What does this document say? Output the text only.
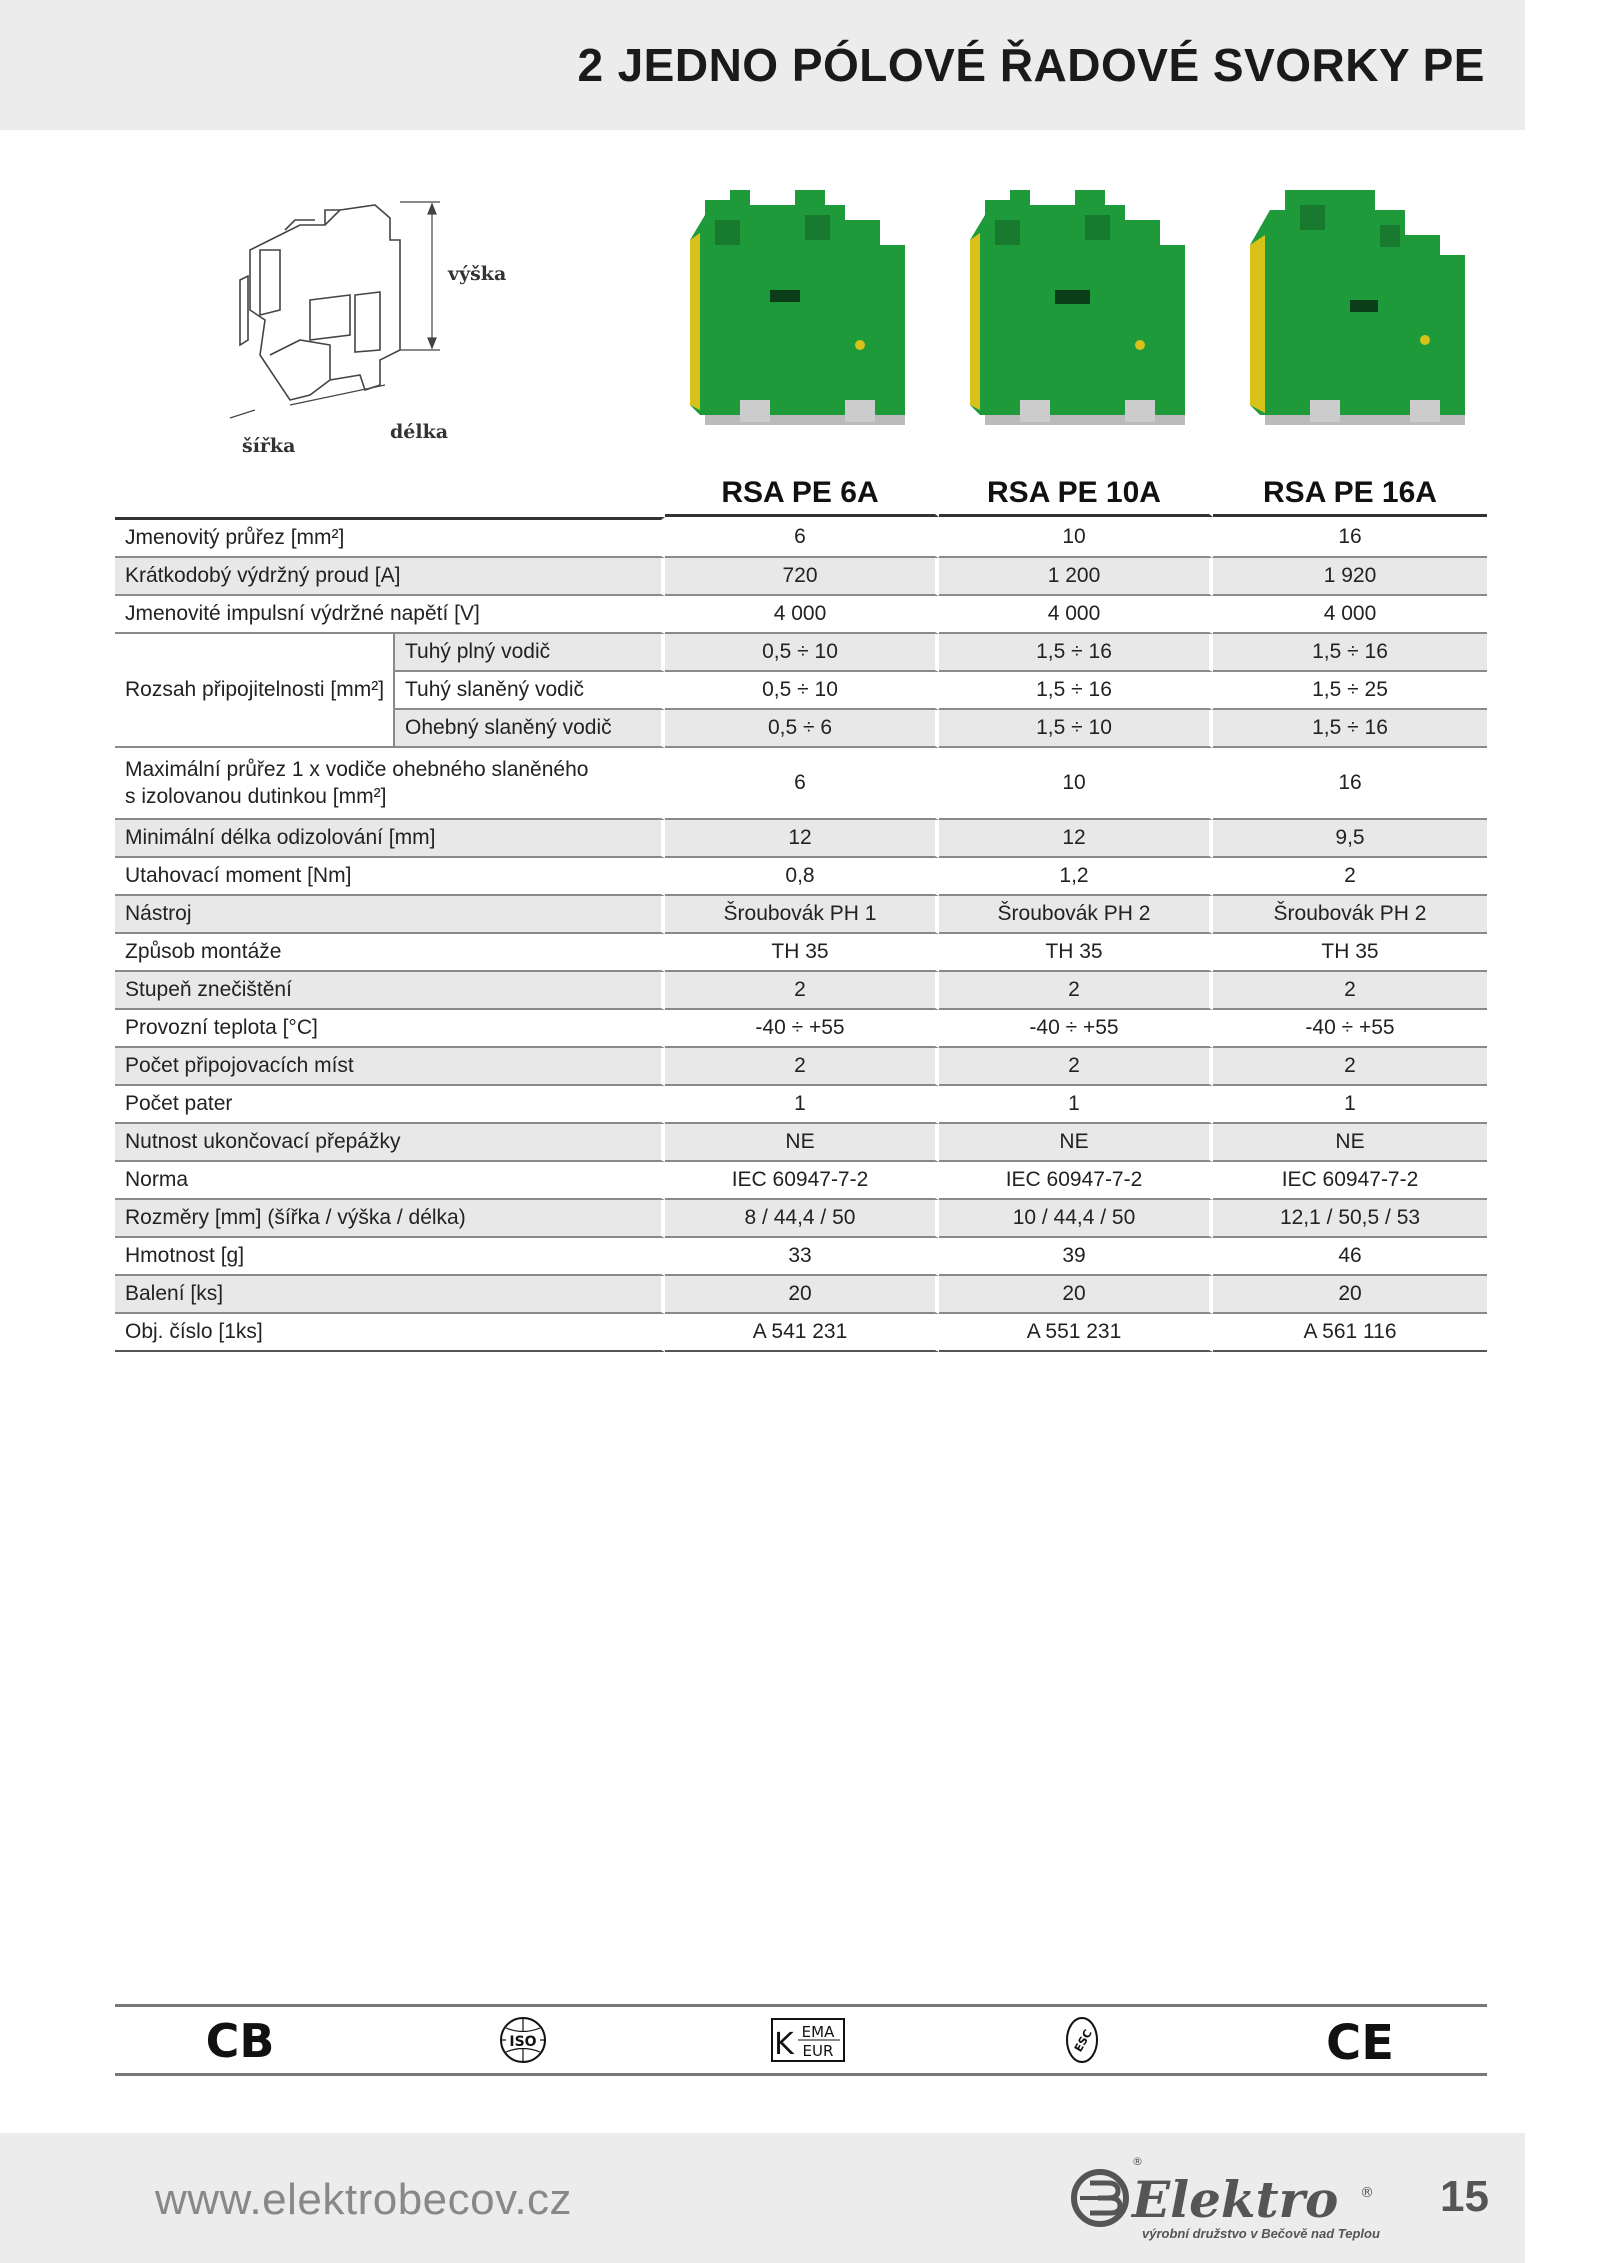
2 JEDNO PÓLOVÉ ŘADOVÉ SVORKY PE
výška
délka
šířka
		RSA PE 6A	RSA PE 10A	RSA PE 16A
Jmenovitý průřez [mm²]		6	10	16
Krátkodobý výdržný proud [A]		720	1 200	1 920
Jmenovité impulsní výdržné napětí [V]		4 000	4 000	4 000
Rozsah připojitelnosti [mm²]	Tuhý plný vodič	0,5 ÷ 10	1,5 ÷ 16	1,5 ÷ 16
	Tuhý slaněný vodič	0,5 ÷ 10	1,5 ÷ 16	1,5 ÷ 25
	Ohebný slaněný vodič	0,5 ÷ 6	1,5 ÷ 10	1,5 ÷ 16
Maximální průřez 1 x vodiče ohebného slaněného s izolovanou dutinkou [mm²]		6	10	16
Minimální délka odizolování [mm]		12	12	9,5
Utahovací moment [Nm]		0,8	1,2	2
Nástroj		Šroubovák PH 1	Šroubovák PH 2	Šroubovák PH 2
Způsob montáže		TH 35	TH 35	TH 35
Stupeň znečištění		2	2	2
Provozní teplota [°C]		-40 ÷ +55	-40 ÷ +55	-40 ÷ +55
Počet připojovacích míst		2	2	2
Počet pater		1	1	1
Nutnost ukončovací přepážky		NE	NE	NE
Norma		IEC 60947-7-2	IEC 60947-7-2	IEC 60947-7-2
Rozměry [mm] (šířka / výška / délka)		8 / 44,4 / 50	10 / 44,4 / 50	12,1 / 50,5 / 53
Hmotnost [g]		33	39	46
Balení [ks]		20	20	20
Obj. číslo [1ks]		A 541 231	A 551 231	A 561 116
CB	ISO	K EMA
EUR	ESC	CE
www.elektrobecov.cz	Elektro ®
®
výrobní družstvo v Bečově nad Teplou
15
